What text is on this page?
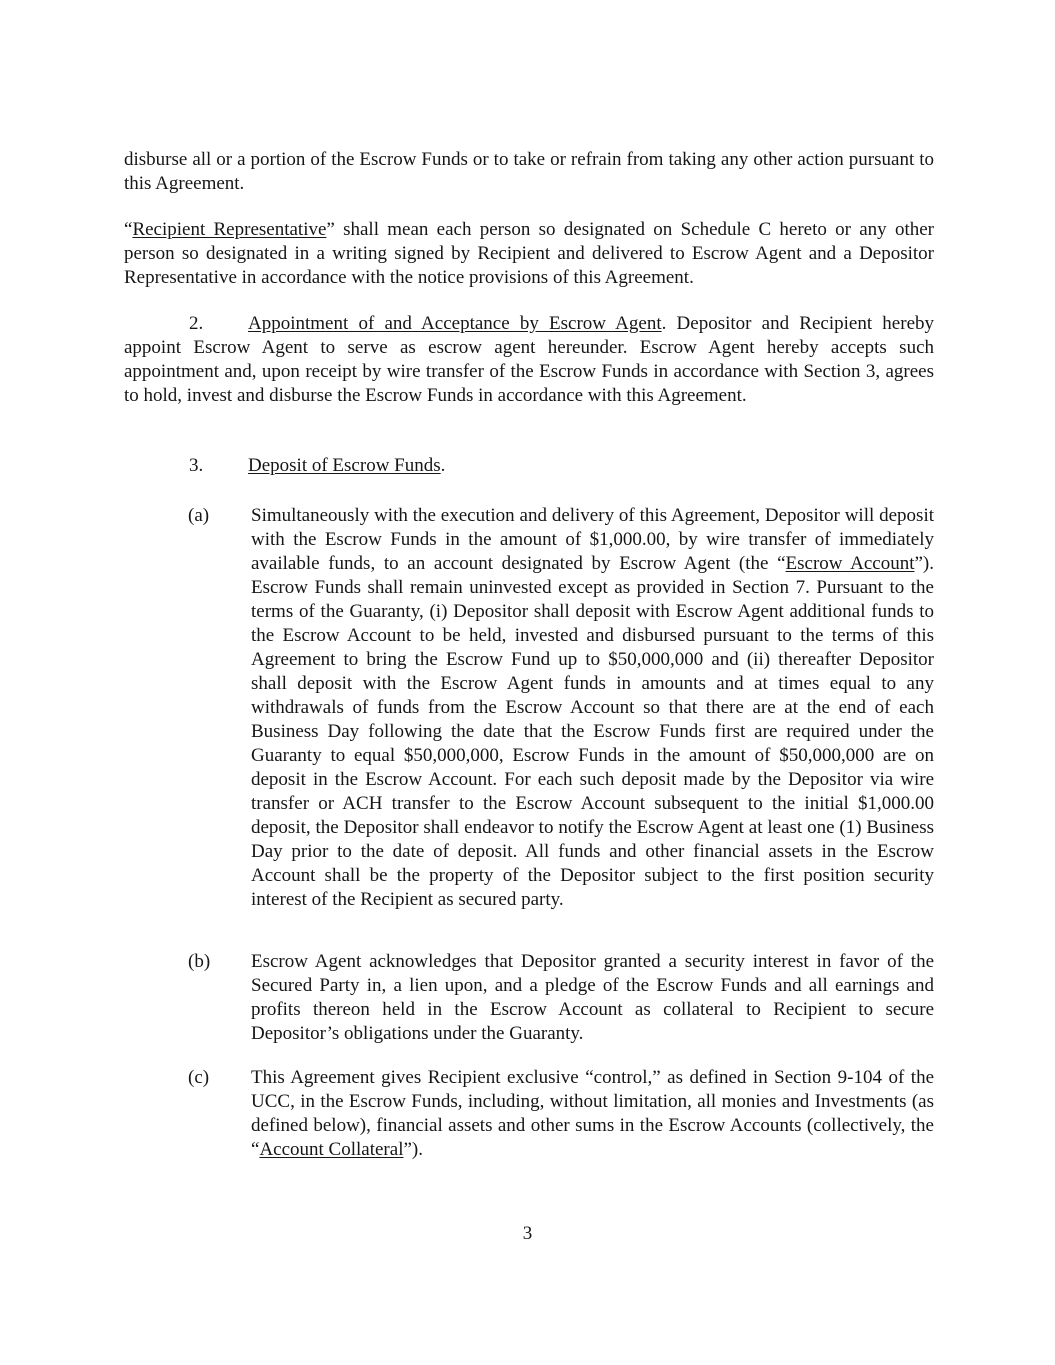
disburse all or a portion of the Escrow Funds or to take or refrain from taking any other action pursuant to this Agreement.

“Recipient Representative” shall mean each person so designated on Schedule C hereto or any other person so designated in a writing signed by Recipient and delivered to Escrow Agent and a Depositor Representative in accordance with the notice provisions of this Agreement.

2. Appointment of and Acceptance by Escrow Agent. Depositor and Recipient hereby appoint Escrow Agent to serve as escrow agent hereunder. Escrow Agent hereby accepts such appointment and, upon receipt by wire transfer of the Escrow Funds in accordance with Section 3, agrees to hold, invest and disburse the Escrow Funds in accordance with this Agreement.

3. Deposit of Escrow Funds.

(a) Simultaneously with the execution and delivery of this Agreement, Depositor will deposit with the Escrow Funds in the amount of $1,000.00, by wire transfer of immediately available funds, to an account designated by Escrow Agent (the “Escrow Account”). Escrow Funds shall remain uninvested except as provided in Section 7. Pursuant to the terms of the Guaranty, (i) Depositor shall deposit with Escrow Agent additional funds to the Escrow Account to be held, invested and disbursed pursuant to the terms of this Agreement to bring the Escrow Fund up to $50,000,000 and (ii) thereafter Depositor shall deposit with the Escrow Agent funds in amounts and at times equal to any withdrawals of funds from the Escrow Account so that there are at the end of each Business Day following the date that the Escrow Funds first are required under the Guaranty to equal $50,000,000, Escrow Funds in the amount of $50,000,000 are on deposit in the Escrow Account. For each such deposit made by the Depositor via wire transfer or ACH transfer to the Escrow Account subsequent to the initial $1,000.00 deposit, the Depositor shall endeavor to notify the Escrow Agent at least one (1) Business Day prior to the date of deposit. All funds and other financial assets in the Escrow Account shall be the property of the Depositor subject to the first position security interest of the Recipient as secured party.

(b) Escrow Agent acknowledges that Depositor granted a security interest in favor of the Secured Party in, a lien upon, and a pledge of the Escrow Funds and all earnings and profits thereon held in the Escrow Account as collateral to Recipient to secure Depositor’s obligations under the Guaranty.

(c) This Agreement gives Recipient exclusive “control,” as defined in Section 9-104 of the UCC, in the Escrow Funds, including, without limitation, all monies and Investments (as defined below), financial assets and other sums in the Escrow Accounts (collectively, the “Account Collateral”).

3
